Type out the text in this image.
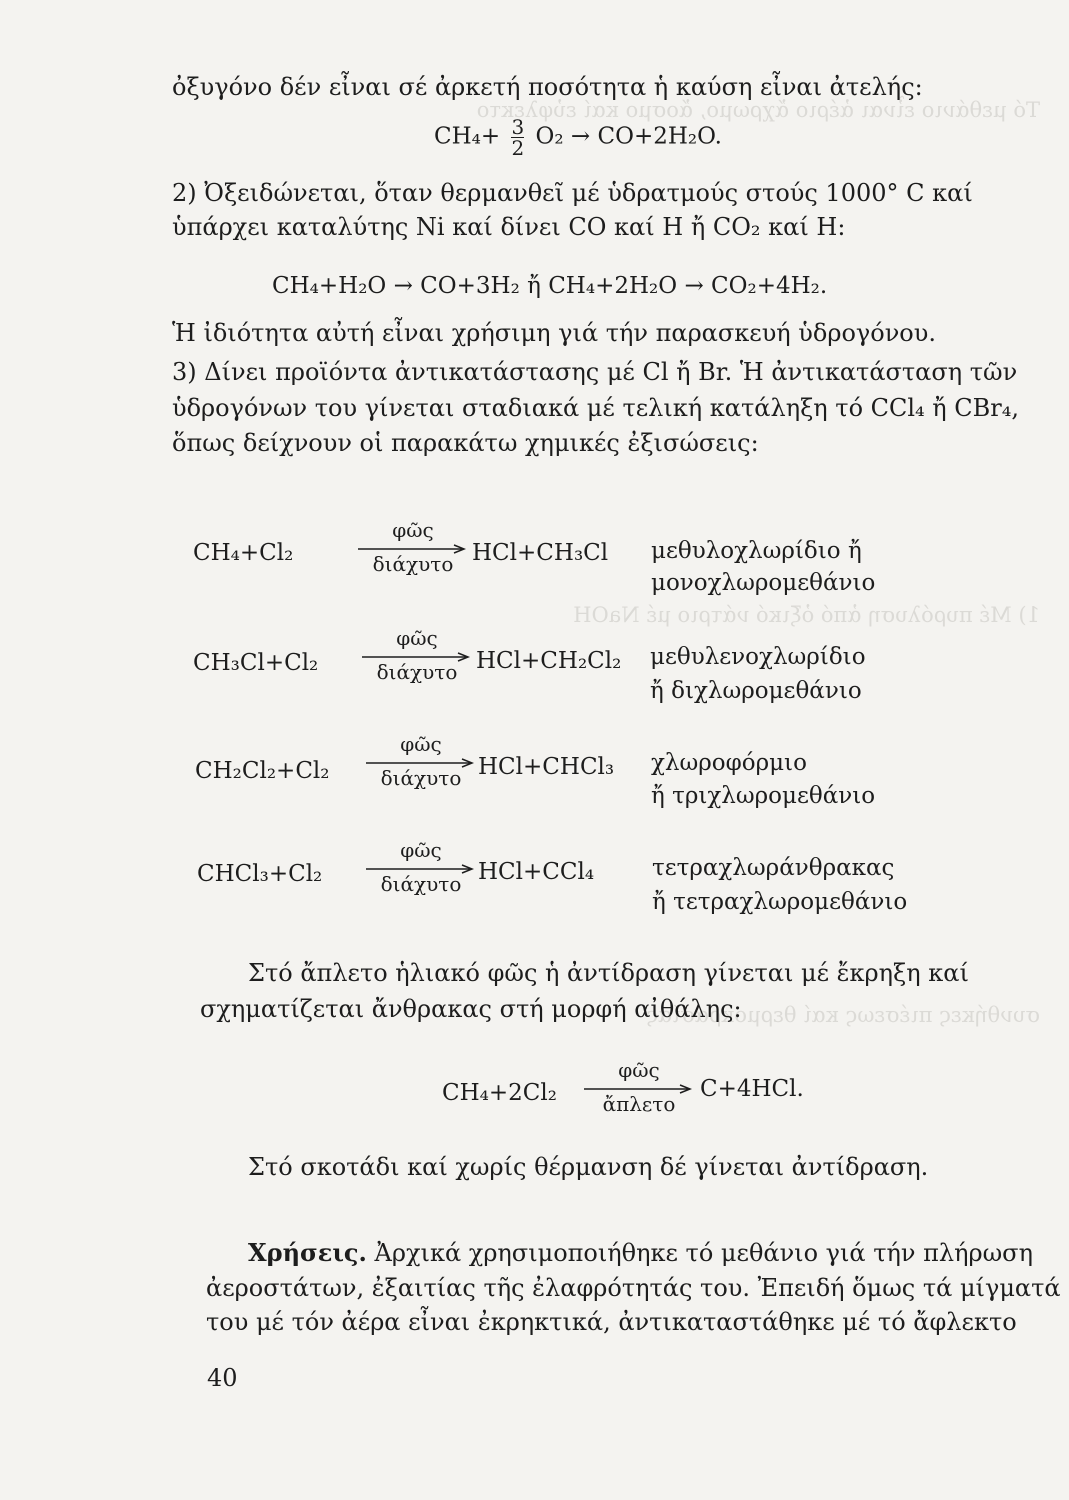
Τό μεθάνιο εἶναι ἀέριο ἄχρωμο, ἄοσμο καί εὐφλεκτο
1) Μέ πυρόλυση ἀπό ὀξικό νάτριο μέ NaOH
συνθήκες πιέσεως καί θερμοκρασίας
ὀξυγόνο δέν εἶναι σέ ἀρκετή ποσότητα ἡ καύση εἶναι ἀτελής:
$CH_4+ \frac{3}{2} O_2 \to CO+2H_2O$.
2) Ὀξειδώνεται, ὅταν θερμανθεῖ μέ ὑδρατμούς στούς 1000° C καί
ὑπάρχει καταλύτης Ni καί δίνει CO καί H ἤ CO₂ καί H:
CH₄+H₂O → CO+3H₂ ἤ CH₄+2H₂O → CO₂+4H₂.
Ἡ ἰδιότητα αὐτή εἶναι χρήσιμη γιά τήν παρασκευή ὑδρογόνου.
3) Δίνει προϊόντα ἀντικατάστασης μέ Cl ἤ Br. Ἡ ἀντικατάσταση τῶν
ὑδρογόνων του γίνεται σταδιακά μέ τελική κατάληξη τό CCl₄ ἤ CBr₄,
ὅπως δείχνουν οἱ παρακάτω χημικές ἐξισώσεις:
CH₄+Cl₂
φῶς
διάχυτο HCl+CH₃Cl μεθυλοχλωρίδιο ἤ
μονοχλωρομεθάνιο
CH₃Cl+Cl₂
φῶς
διάχυτο HCl+CH₂Cl₂ μεθυλενοχλωρίδιο
ἤ διχλωρομεθάνιο
CH₂Cl₂+Cl₂
φῶς
διάχυτο HCl+CHCl₃ χλωροφόρμιο
ἤ τριχλωρομεθάνιο
CHCl₃+Cl₂
φῶς
διάχυτο HCl+CCl₄	τετραχλωράνθρακας
ἤ τετραχλωρομεθάνιο
Στό ἄπλετο ἡλιακό φῶς ἡ ἀντίδραση γίνεται μέ ἔκρηξη καί
σχηματίζεται ἄνθρακας στή μορφή αἰθάλης:
CH₄+2Cl₂
φῶς
ἄπλετο
C+4HCl.
Στό σκοτάδι καί χωρίς θέρμανση δέ γίνεται ἀντίδραση.
Χρήσεις. Ἀρχικά χρησιμοποιήθηκε τό μεθάνιο γιά τήν πλήρωση
ἀεροστάτων, ἐξαιτίας τῆς ἐλαφρότητάς του. Ἐπειδή ὅμως τά μίγματά
του μέ τόν ἀέρα εἶναι ἐκρηκτικά, ἀντικαταστάθηκε μέ τό ἄφλεκτο
40
